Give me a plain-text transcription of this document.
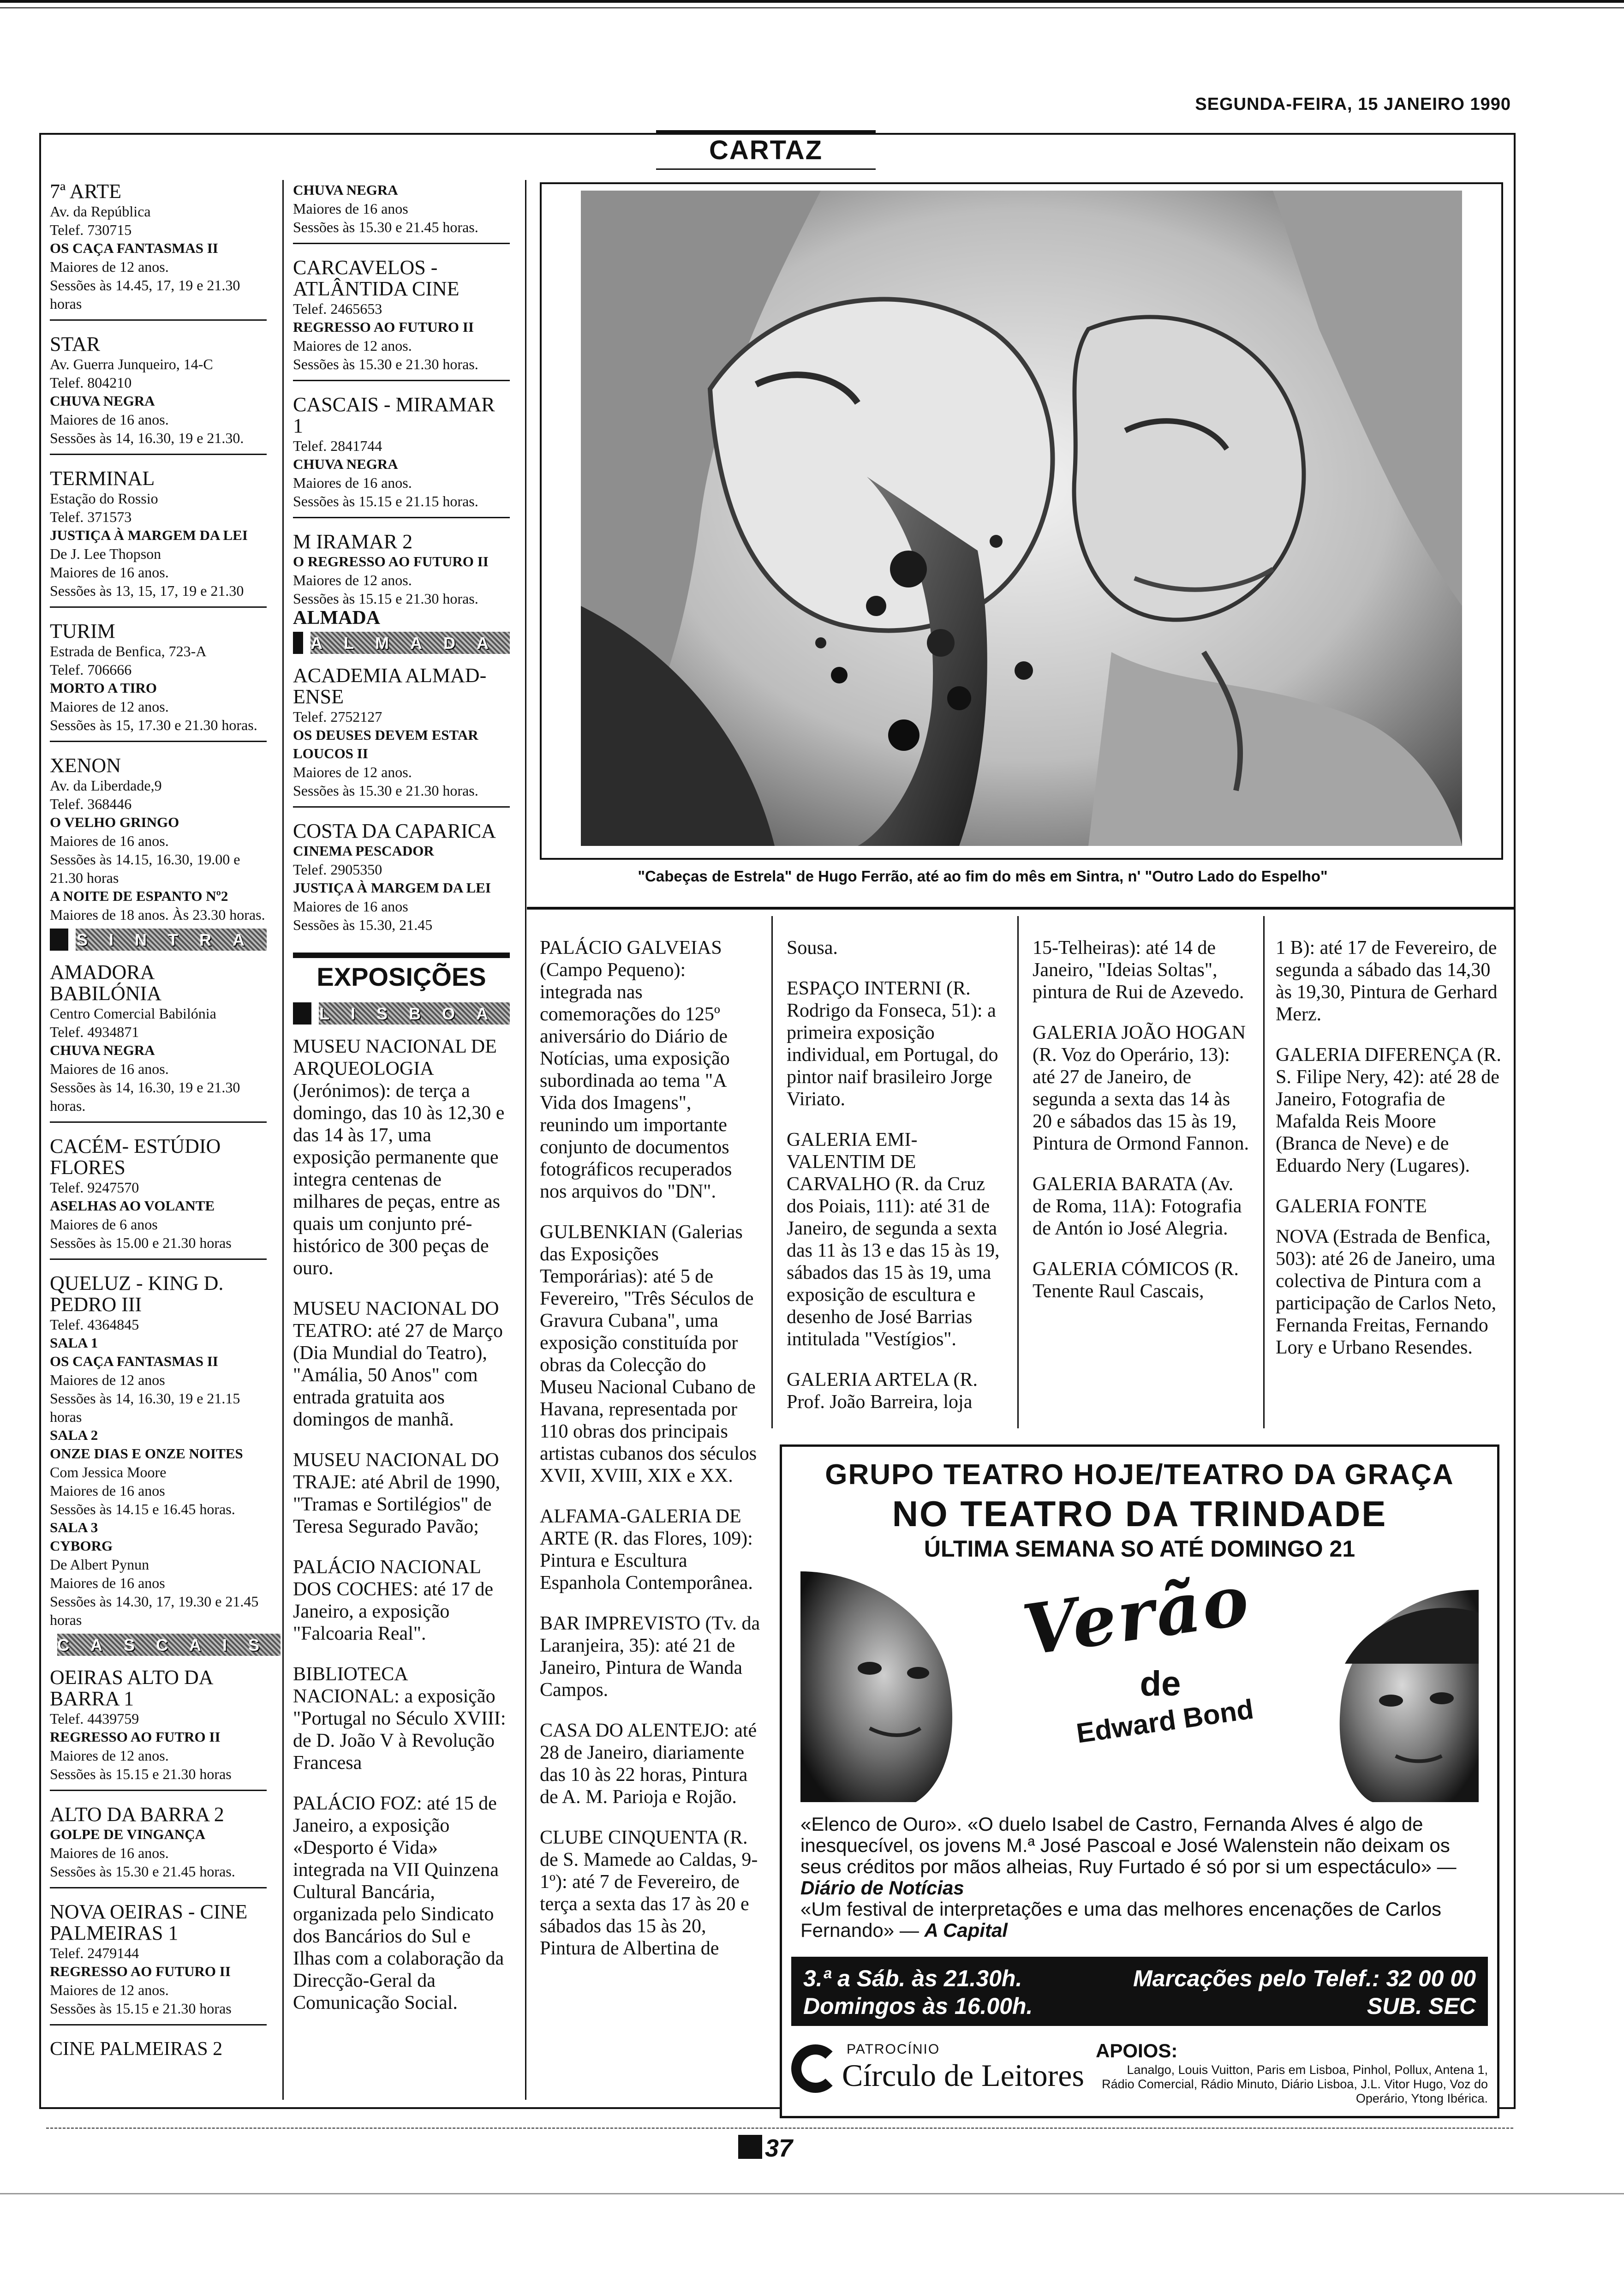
SEGUNDA-FEIRA, 15 JANEIRO 1990
CARTAZ
7ª ARTE
Av. da República
Telef. 730715
OS CAÇA FANTASMAS II
Maiores de 12 anos.
Sessões às 14.45, 17, 19 e 21.30 horas
STAR
Av. Guerra Junqueiro, 14-C
Telef. 804210
CHUVA NEGRA
Maiores de 16 anos.
Sessões às 14, 16.30, 19 e 21.30.
TERMINAL
Estação do Rossio
Telef. 371573
JUSTIÇA À MARGEM DA LEI
De J. Lee Thopson
Maiores de 16 anos.
Sessões às 13, 15, 17, 19 e 21.30
TURIM
Estrada de Benfica, 723-A
Telef. 706666
MORTO A TIRO
Maiores de 12 anos.
Sessões às 15, 17.30 e 21.30 horas.
XENON
Av. da Liberdade,9
Telef. 368446
O VELHO GRINGO
Maiores de 16 anos.
Sessões às 14.15, 16.30, 19.00 e 21.30 horas
A NOITE DE ESPANTO Nº2
Maiores de 18 anos. Às 23.30 horas.
SINTRA
AMADORA BABILÓNIA
Centro Comercial Babilónia
Telef. 4934871
CHUVA NEGRA
Maiores de 16 anos.
Sessões às 14, 16.30, 19 e 21.30 horas.
CACÉM- ESTÚDIO FLORES
Telef. 9247570
ASELHAS AO VOLANTE
Maiores de 6 anos
Sessões às 15.00 e 21.30 horas
QUELUZ - KING D. PEDRO III
Telef. 4364845
SALA 1
OS CAÇA FANTASMAS II
Maiores de 12 anos
Sessões às 14, 16.30, 19 e 21.15 horas
SALA 2
ONZE DIAS E ONZE NOITES
Com Jessica Moore
Maiores de 16 anos
Sessões às 14.15 e 16.45 horas.
SALA 3
CYBORG
De Albert Pynun
Maiores de 16 anos
Sessões às 14.30, 17, 19.30 e 21.45 horas
CASCAIS
OEIRAS ALTO DA BARRA 1
Telef. 4439759
REGRESSO AO FUTRO II
Maiores de 12 anos.
Sessões às 15.15 e 21.30 horas
ALTO DA BARRA 2
GOLPE DE VINGANÇA
Maiores de 16 anos.
Sessões às 15.30 e 21.45 horas.
NOVA OEIRAS - CINE PALMEIRAS 1
Telef. 2479144
REGRESSO AO FUTURO II
Maiores de 12 anos.
Sessões às 15.15 e 21.30 horas
CINE PALMEIRAS 2
CHUVA NEGRA
Maiores de 16 anos
Sessões às 15.30 e 21.45 horas.
CARCAVELOS - ATLÂNTIDA CINE
Telef. 2465653
REGRESSO AO FUTURO II
Maiores de 12 anos.
Sessões às 15.30 e 21.30 horas.
CASCAIS - MIRAMAR 1
Telef. 2841744
CHUVA NEGRA
Maiores de 16 anos.
Sessões às 15.15 e 21.15 horas.
M IRAMAR 2
O REGRESSO AO FUTURO II
Maiores de 12 anos.
Sessões às 15.15 e 21.30 horas.
ALMADA
ALMADA
ACADEMIA ALMAD-ENSE
Telef. 2752127
OS DEUSES DEVEM ESTAR LOUCOS II
Maiores de 12 anos.
Sessões às 15.30 e 21.30 horas.
COSTA DA CAPARICA
CINEMA PESCADOR
Telef. 2905350
JUSTIÇA À MARGEM DA LEI
Maiores de 16 anos
Sessões às 15.30, 21.45
EXPOSIÇÕES
LISBOA
MUSEU NACIONAL DE ARQUEOLOGIA (Jerónimos): de terça a domingo, das 10 às 12,30 e das 14 às 17, uma exposição permanente que integra centenas de milhares de peças, entre as quais um conjunto pré-histórico de 300 peças de ouro.
MUSEU NACIONAL DO TEATRO: até 27 de Março (Dia Mundial do Teatro), "Amália, 50 Anos" com entrada gratuita aos domingos de manhã.
MUSEU NACIONAL DO TRAJE: até Abril de 1990, "Tramas e Sortilégios" de Teresa Segurado Pavão;
PALÁCIO NACIONAL DOS COCHES: até 17 de Janeiro, a exposição "Falcoaria Real".
BIBLIOTECA NACIONAL: a exposição "Portugal no Século XVIII: de D. João V à Revolução Francesa
PALÁCIO FOZ: até 15 de Janeiro, a exposição «Desporto é Vida» integrada na VII Quinzena Cultural Bancária, organizada pelo Sindicato dos Bancários do Sul e Ilhas com a colaboração da Direcção-Geral da Comunicação Social.
"Cabeças de Estrela" de Hugo Ferrão, até ao fim do mês em Sintra, n' "Outro Lado do Espelho"
PALÁCIO GALVEIAS (Campo Pequeno): integrada nas comemorações do 125º aniversário do Diário de Notícias, uma exposição subordinada ao tema "A Vida dos Imagens", reunindo um importante conjunto de documentos fotográficos recuperados nos arquivos do "DN".
GULBENKIAN (Galerias das Exposições Temporárias): até 5 de Fevereiro, "Três Séculos de Gravura Cubana", uma exposição constituída por obras da Colecção do Museu Nacional Cubano de Havana, representada por 110 obras dos principais artistas cubanos dos séculos XVII, XVIII, XIX e XX.
ALFAMA-GALERIA DE ARTE (R. das Flores, 109): Pintura e Escultura Espanhola Contemporânea.
BAR IMPREVISTO (Tv. da Laranjeira, 35): até 21 de Janeiro, Pintura de Wanda Campos.
CASA DO ALENTEJO: até 28 de Janeiro, diariamente das 10 às 22 horas, Pintura de A. M. Parioja e Rojão.
CLUBE CINQUENTA (R. de S. Mamede ao Caldas, 9-1º): até 7 de Fevereiro, de terça a sexta das 17 às 20 e sábados das 15 às 20, Pintura de Albertina de
Sousa.
ESPAÇO INTERNI (R. Rodrigo da Fonseca, 51): a primeira exposição individual, em Portugal, do pintor naif brasileiro Jorge Viriato.
GALERIA EMI-VALENTIM DE CARVALHO (R. da Cruz dos Poiais, 111): até 31 de Janeiro, de segunda a sexta das 11 às 13 e das 15 às 19, sábados das 15 às 19, uma exposição de escultura e desenho de José Barrias intitulada "Vestígios".
GALERIA ARTELA (R. Prof. João Barreira, loja
15-Telheiras): até 14 de Janeiro, "Ideias Soltas", pintura de Rui de Azevedo.
GALERIA JOÃO HOGAN (R. Voz do Operário, 13): até 27 de Janeiro, de segunda a sexta das 14 às 20 e sábados das 15 às 19, Pintura de Ormond Fannon.
GALERIA BARATA (Av. de Roma, 11A): Fotografia de Antón io José Alegria.
GALERIA CÓMICOS (R. Tenente Raul Cascais,
1 B): até 17 de Fevereiro, de segunda a sábado das 14,30 às 19,30, Pintura de Gerhard Merz.
GALERIA DIFERENÇA (R. S. Filipe Nery, 42): até 28 de Janeiro, Fotografia de Mafalda Reis Moore (Branca de Neve) e de Eduardo Nery (Lugares).
GALERIA FONTE
NOVA (Estrada de Benfica, 503): até 26 de Janeiro, uma colectiva de Pintura com a participação de Carlos Neto, Fernanda Freitas, Fernando Lory e Urbano Resendes.
GRUPO TEATRO HOJE/TEATRO DA GRAÇA
NO TEATRO DA TRINDADE
ÚLTIMA SEMANA SO ATÉ DOMINGO 21
Verão
de
Edward Bond
«Elenco de Ouro». «O duelo Isabel de Castro, Fernanda Alves é algo de inesquecível, os jovens M.ª José Pascoal e José Walenstein não deixam os seus créditos por mãos alheias, Ruy Furtado é só por si um espectáculo» — Diário de Notícias
«Um festival de interpretações e uma das melhores encenações de Carlos Fernando» — A Capital
3.ª a Sáb. às 21.30h.
Domingos às 16.00h.
Marcações pelo Telef.: 32 00 00
SUB. SEC
PATROCÍNIO
Círculo de Leitores
APOIOS:
Lanalgo, Louis Vuitton, Paris em Lisboa, Pinhol, Pollux, Antena 1, Rádio Comercial, Rádio Minuto, Diário Lisboa, J.L. Vitor Hugo, Voz do Operário, Ytong Ibérica.
37
